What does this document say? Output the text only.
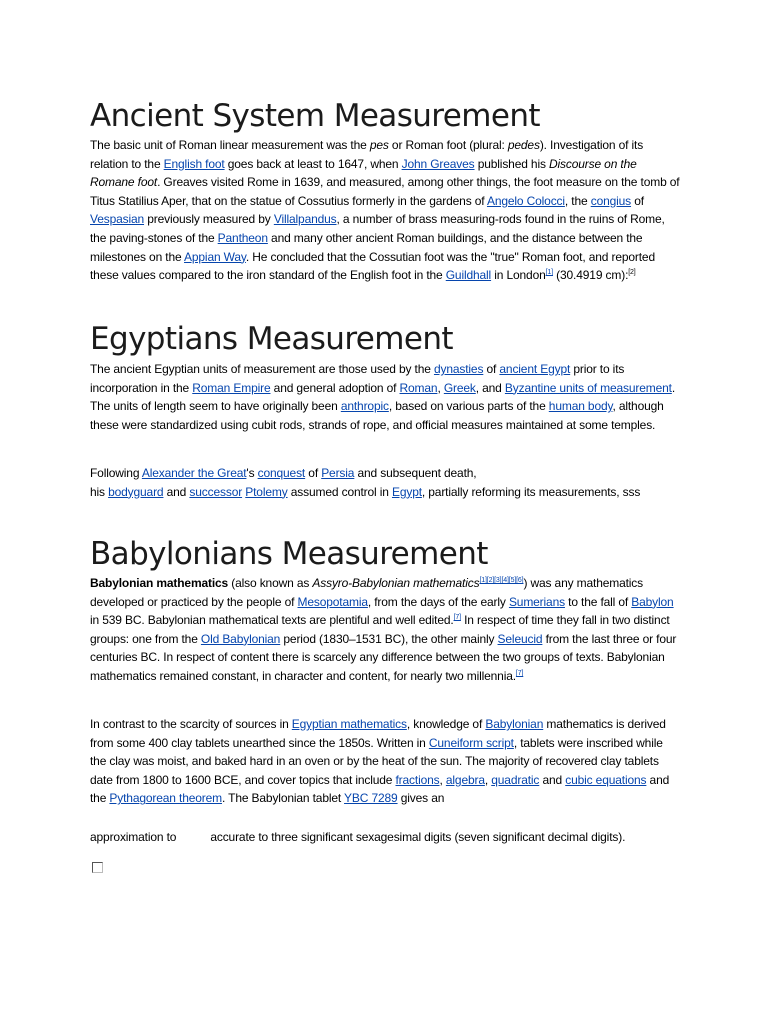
Ancient System Measurement
The basic unit of Roman linear measurement was the pes or Roman foot (plural: pedes). Investigation of its relation to the English foot goes back at least to 1647, when John Greaves published his Discourse on the Romane foot. Greaves visited Rome in 1639, and measured, among other things, the foot measure on the tomb of Titus Statilius Aper, that on the statue of Cossutius formerly in the gardens of Angelo Colocci, the congius of Vespasian previously measured by Villalpandus, a number of brass measuring-rods found in the ruins of Rome, the paving-stones of the Pantheon and many other ancient Roman buildings, and the distance between the milestones on the Appian Way. He concluded that the Cossutian foot was the "true" Roman foot, and reported these values compared to the iron standard of the English foot in the Guildhall in London[1] (30.4919 cm):[2]
Egyptians Measurement
The ancient Egyptian units of measurement are those used by the dynasties of ancient Egypt prior to its incorporation in the Roman Empire and general adoption of Roman, Greek, and Byzantine units of measurement. The units of length seem to have originally been anthropic, based on various parts of the human body, although these were standardized using cubit rods, strands of rope, and official measures maintained at some temples.
Following Alexander the Great's conquest of Persia and subsequent death,
his bodyguard and successor Ptolemy assumed control in Egypt, partially reforming its measurements, sss
Babylonians Measurement
Babylonian mathematics (also known as Assyro-Babylonian mathematics[1][2][3][4][5][6]) was any mathematics developed or practiced by the people of Mesopotamia, from the days of the early Sumerians to the fall of Babylon in 539 BC. Babylonian mathematical texts are plentiful and well edited.[7] In respect of time they fall in two distinct groups: one from the Old Babylonian period (1830–1531 BC), the other mainly Seleucid from the last three or four centuries BC. In respect of content there is scarcely any difference between the two groups of texts. Babylonian mathematics remained constant, in character and content, for nearly two millennia.[7]
In contrast to the scarcity of sources in Egyptian mathematics, knowledge of Babylonian mathematics is derived from some 400 clay tablets unearthed since the 1850s. Written in Cuneiform script, tablets were inscribed while the clay was moist, and baked hard in an oven or by the heat of the sun. The majority of recovered clay tablets date from 1800 to 1600 BCE, and cover topics that include fractions, algebra, quadratic and cubic equations and the Pythagorean theorem. The Babylonian tablet YBC 7289 gives an
approximation to	accurate to three significant sexagesimal digits (seven significant decimal digits).
